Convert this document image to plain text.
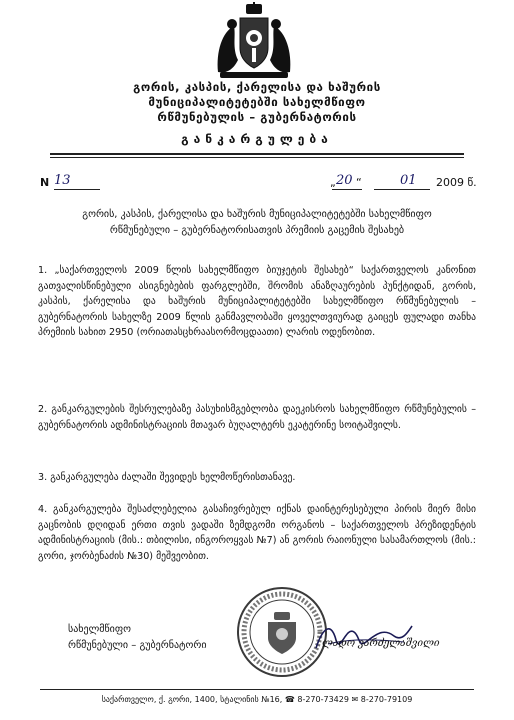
გორის, კასპის, ქარელისა და ხაშურის
მუნიციპალიტეტებში სახელმწიფო
რწმუნებულის – გუბერნატორის
განკარგულება
N 13	„ 20 “	01 2009 წ.
გორის, კასპის, ქარელისა და ხაშურის მუნიციპალიტეტებში სახელმწიფო
რწმუნებული – გუბერნატორისათვის პრემიის გაცემის შესახებ
1. „საქართველოს 2009 წლის სახელმწიფო ბიუჯეტის შესახებ“ საქართველოს კანონით გათვალისწინებული ასიგნებების ფარგლებში, შრომის ანაზღაურების პუნქტიდან, გორის, კასპის, ქარელისა და ხაშურის მუნიციპალიტეტებში სახელმწიფო რწმუნებულის – გუბერნატორის სახელზე 2009 წლის განმავლობაში ყოველთვიურად გაიცეს ფულადი თანხა პრემიის სახით 2950 (ორიათასცხრაასორმოცდაათი) ლარის ოდენობით.
2. განკარგულების შესრულებაზე პასუხისმგებლობა დაეკისროს სახელმწიფო რწმუნებულის – გუბერნატორის ადმინისტრაციის მთავარ ბუღალტერს ეკატერინე სოიტაშვილს.
3. განკარგულება ძალაში შევიდეს ხელმოწერისთანავე.
4. განკარგულება შესაძლებელია გასაჩივრებულ იქნას დაინტერესებული პირის მიერ მისი გაცნობის დღიდან ერთი თვის ვადაში ზემდგომი ორგანოს – საქართველოს პრეზიდენტის ადმინისტრაციის (მის.: თბილისი, ინგოროყვას №7) ან გორის რაიონული სასამართლოს (მის.: გორი, ჯორბენაძის №30) მეშვეობით.
სახელმწიფო
რწმუნებული – გუბერნატორი	ლადო ვარძელაშვილი
საქართველო, ქ. გორი, 1400, სტალინის №16, ☎ 8-270-73429 ✉ 8-270-79109
